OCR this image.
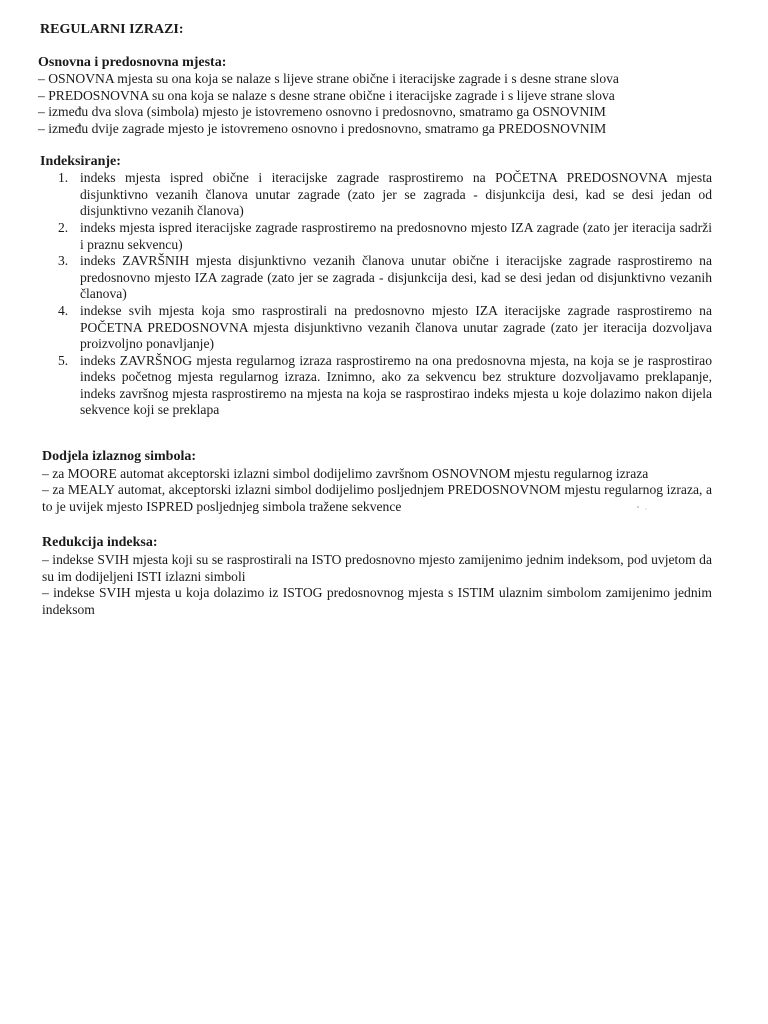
REGULARNI IZRAZI:
Osnovna i predosnovna mjesta:
– OSNOVNA mjesta su ona koja se nalaze s lijeve strane obične i iteracijske zagrade i s desne strane slova
– PREDOSNOVNA su ona koja se nalaze s desne strane obične i iteracijske zagrade i s lijeve strane slova
– između dva slova (simbola) mjesto je istovremeno osnovno i predosnovno, smatramo ga OSNOVNIM
– između dvije zagrade mjesto je istovremeno osnovno i predosnovno, smatramo ga PREDOSNOVNIM
Indeksiranje:
1. indeks mjesta ispred obične i iteracijske zagrade rasprostiremo na POČETNA PREDOSNOVNA mjesta disjunktivno vezanih članova unutar zagrade (zato jer se zagrada - disjunkcija desi, kad se desi jedan od disjunktivno vezanih članova)
2. indeks mjesta ispred iteracijske zagrade rasprostiremo na predosnovno mjesto IZA zagrade (zato jer iteracija sadrži i praznu sekvencu)
3. indeks ZAVRŠNIH mjesta disjunktivno vezanih članova unutar obične i iteracijske zagrade rasprostiremo na predosnovno mjesto IZA zagrade (zato jer se zagrada - disjunkcija desi, kad se desi jedan od disjunktivno vezanih članova)
4. indekse svih mjesta koja smo rasprostirali na predosnovno mjesto IZA iteracijske zagrade rasprostiremo na POČETNA PREDOSNOVNA mjesta disjunktivno vezanih članova unutar zagrade (zato jer iteracija dozvoljava proizvoljno ponavljanje)
5. indeks ZAVRŠNOG mjesta regularnog izraza rasprostiremo na ona predosnovna mjesta, na koja se je rasprostirao indeks početnog mjesta regularnog izraza. Iznimno, ako za sekvencu bez strukture dozvoljavamo preklapanje, indeks završnog mjesta rasprostiremo na mjesta na koja se rasprostirao indeks mjesta u koje dolazimo nakon dijela sekvence koji se preklapa
Dodjela izlaznog simbola:
– za MOORE automat akceptorski izlazni simbol dodijelimo završnom OSNOVNOM mjestu regularnog izraza
– za MEALY automat, akceptorski izlazni simbol dodijelimo posljednjem PREDOSNOVNOM mjestu regularnog izraza, a to je uvijek mjesto ISPRED posljednjeg simbola tražene sekvence
Redukcija indeksa:
– indekse SVIH mjesta koji su se rasprostirali na ISTO predosnovno mjesto zamijenimo jednim indeksom, pod uvjetom da su im dodijeljeni ISTI izlazni simboli
– indekse SVIH mjesta u koja dolazimo iz ISTOG predosnovnog mjesta s ISTIM ulaznim simbolom zamijenimo jednim indeksom
